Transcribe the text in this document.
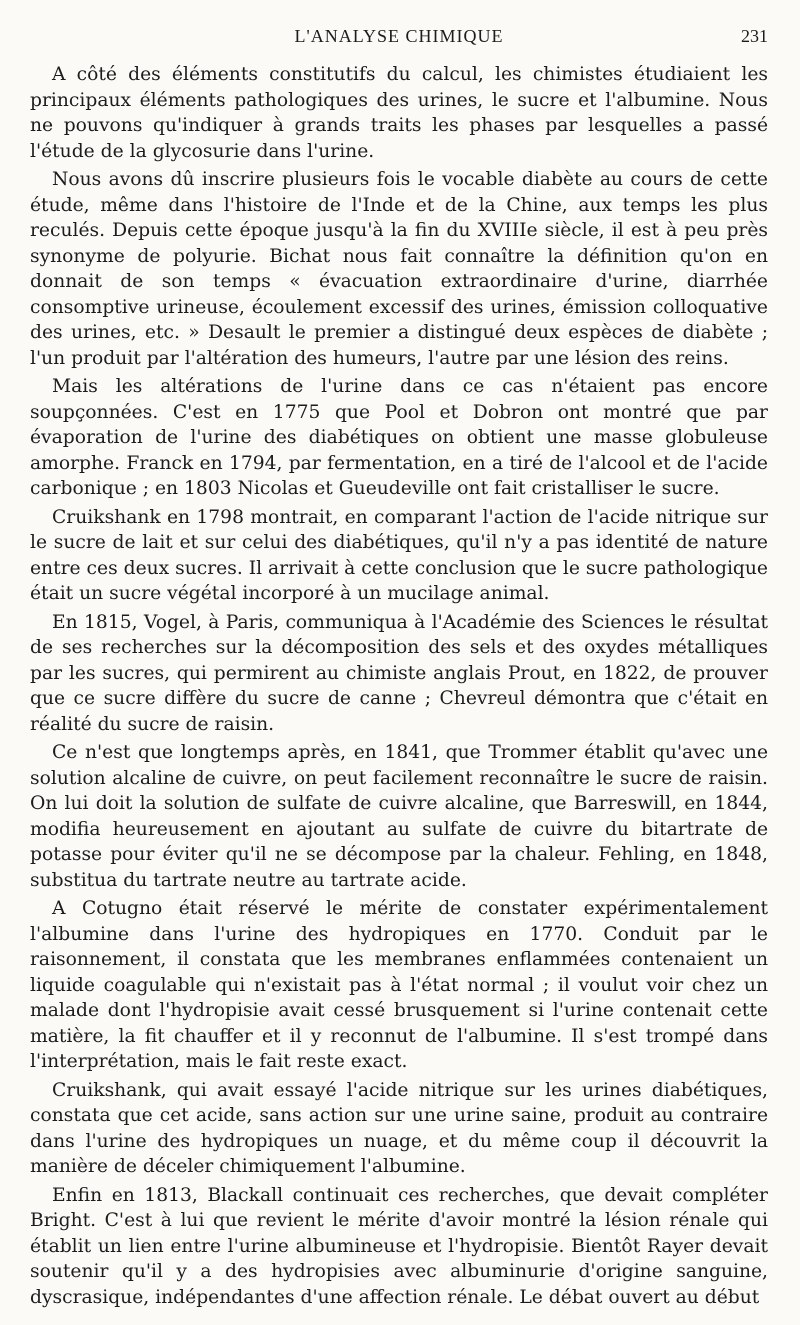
L'ANALYSE CHIMIQUE	231

A côté des éléments constitutifs du calcul, les chimistes étudiaient les principaux éléments pathologiques des urines, le sucre et l'albumine. Nous ne pouvons qu'indiquer à grands traits les phases par lesquelles a passé l'étude de la glycosurie dans l'urine.

Nous avons dû inscrire plusieurs fois le vocable diabète au cours de cette étude, même dans l'histoire de l'Inde et de la Chine, aux temps les plus reculés. Depuis cette époque jusqu'à la fin du XVIIIe siècle, il est à peu près synonyme de polyurie. Bichat nous fait connaître la définition qu'on en donnait de son temps « évacuation extraordinaire d'urine, diarrhée consomptive urineuse, écoulement excessif des urines, émission colloquative des urines, etc. » Desault le premier a distingué deux espèces de diabète ; l'un produit par l'altération des humeurs, l'autre par une lésion des reins.

Mais les altérations de l'urine dans ce cas n'étaient pas encore soupçonnées. C'est en 1775 que Pool et Dobron ont montré que par évaporation de l'urine des diabétiques on obtient une masse globuleuse amorphe. Franck en 1794, par fermentation, en a tiré de l'alcool et de l'acide carbonique ; en 1803 Nicolas et Gueudeville ont fait cristalliser le sucre.

Cruikshank en 1798 montrait, en comparant l'action de l'acide nitrique sur le sucre de lait et sur celui des diabétiques, qu'il n'y a pas identité de nature entre ces deux sucres. Il arrivait à cette conclusion que le sucre pathologique était un sucre végétal incorporé à un mucilage animal.

En 1815, Vogel, à Paris, communiqua à l'Académie des Sciences le résultat de ses recherches sur la décomposition des sels et des oxydes métalliques par les sucres, qui permirent au chimiste anglais Prout, en 1822, de prouver que ce sucre diffère du sucre de canne ; Chevreul démontra que c'était en réalité du sucre de raisin.

Ce n'est que longtemps après, en 1841, que Trommer établit qu'avec une solution alcaline de cuivre, on peut facilement reconnaître le sucre de raisin. On lui doit la solution de sulfate de cuivre alcaline, que Barreswill, en 1844, modifia heureusement en ajoutant au sulfate de cuivre du bitartrate de potasse pour éviter qu'il ne se décompose par la chaleur. Fehling, en 1848, substitua du tartrate neutre au tartrate acide.

A Cotugno était réservé le mérite de constater expérimentalement l'albumine dans l'urine des hydropiques en 1770. Conduit par le raisonnement, il constata que les membranes enflammées contenaient un liquide coagulable qui n'existait pas à l'état normal ; il voulut voir chez un malade dont l'hydropisie avait cessé brusquement si l'urine contenait cette matière, la fit chauffer et il y reconnut de l'albumine. Il s'est trompé dans l'interprétation, mais le fait reste exact.

Cruikshank, qui avait essayé l'acide nitrique sur les urines diabétiques, constata que cet acide, sans action sur une urine saine, produit au contraire dans l'urine des hydropiques un nuage, et du même coup il découvrit la manière de déceler chimiquement l'albumine.

Enfin en 1813, Blackall continuait ces recherches, que devait compléter Bright. C'est à lui que revient le mérite d'avoir montré la lésion rénale qui établit un lien entre l'urine albumineuse et l'hydropisie. Bientôt Rayer devait soutenir qu'il y a des hydropisies avec albuminurie d'origine sanguine, dyscrasique, indépendantes d'une affection rénale. Le débat ouvert au début
